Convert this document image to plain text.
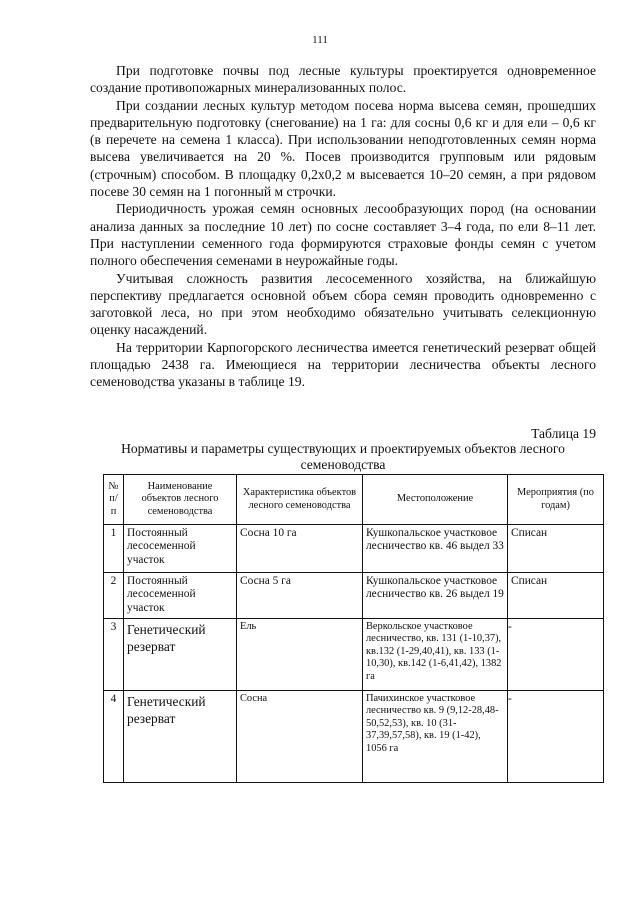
111

При подготовке почвы под лесные культуры проектируется одновременное создание противопожарных минерализованных полос.

При создании лесных культур методом посева норма высева семян, прошедших предварительную подготовку (снегование) на 1 га: для сосны 0,6 кг и для ели – 0,6 кг (в перечете на семена 1 класса). При использовании неподготовленных семян норма высева увеличивается на 20 %. Посев производится групповым или рядовым (строчным) способом. В площадку 0,2х0,2 м высевается 10–20 семян, а при рядовом посеве 30 семян на 1 погонный м строчки.

Периодичность урожая семян основных лесообразующих пород (на основании анализа данных за последние 10 лет) по сосне составляет 3–4 года, по ели 8–11 лет. При наступлении семенного года формируются страховые фонды семян с учетом полного обеспечения семенами в неурожайные годы.

Учитывая сложность развития лесосеменного хозяйства, на ближайшую перспективу предлагается основной объем сбора семян проводить одновременно с заготовкой леса, но при этом необходимо обязательно учитывать селекционную оценку насаждений.

На территории Карпогорского лесничества имеется генетический резерват общей площадью 2438 га. Имеющиеся на территории лесничества объекты лесного семеноводства указаны в таблице 19.

Таблица 19
Нормативы и параметры существующих и проектируемых объектов лесного семеноводства
№ п/п	Наименование объектов лесного семеноводства	Характеристика объектов лесного семеноводства	Местоположение	Мероприятия (по годам)
1	Постоянный лесосеменной участок	Сосна 10 га	Кушкопальское участковое лесничество кв. 46 выдел 33	Списан
2	Постоянный лесосеменной участок	Сосна 5 га	Кушкопальское участковое лесничество кв. 26 выдел 19	Списан
3	Генетический резерват	Ель	Веркольское участковое лесничество, кв. 131 (1-10,37), кв.132 (1-29,40,41), кв. 133 (1-10,30), кв.142 (1-6,41,42), 1382 га	-
4	Генетический резерват	Сосна	Пачихинское участковое лесничество кв. 9 (9,12-28,48-50,52,53), кв. 10 (31-37,39,57,58), кв. 19 (1-42), 1056 га	-
